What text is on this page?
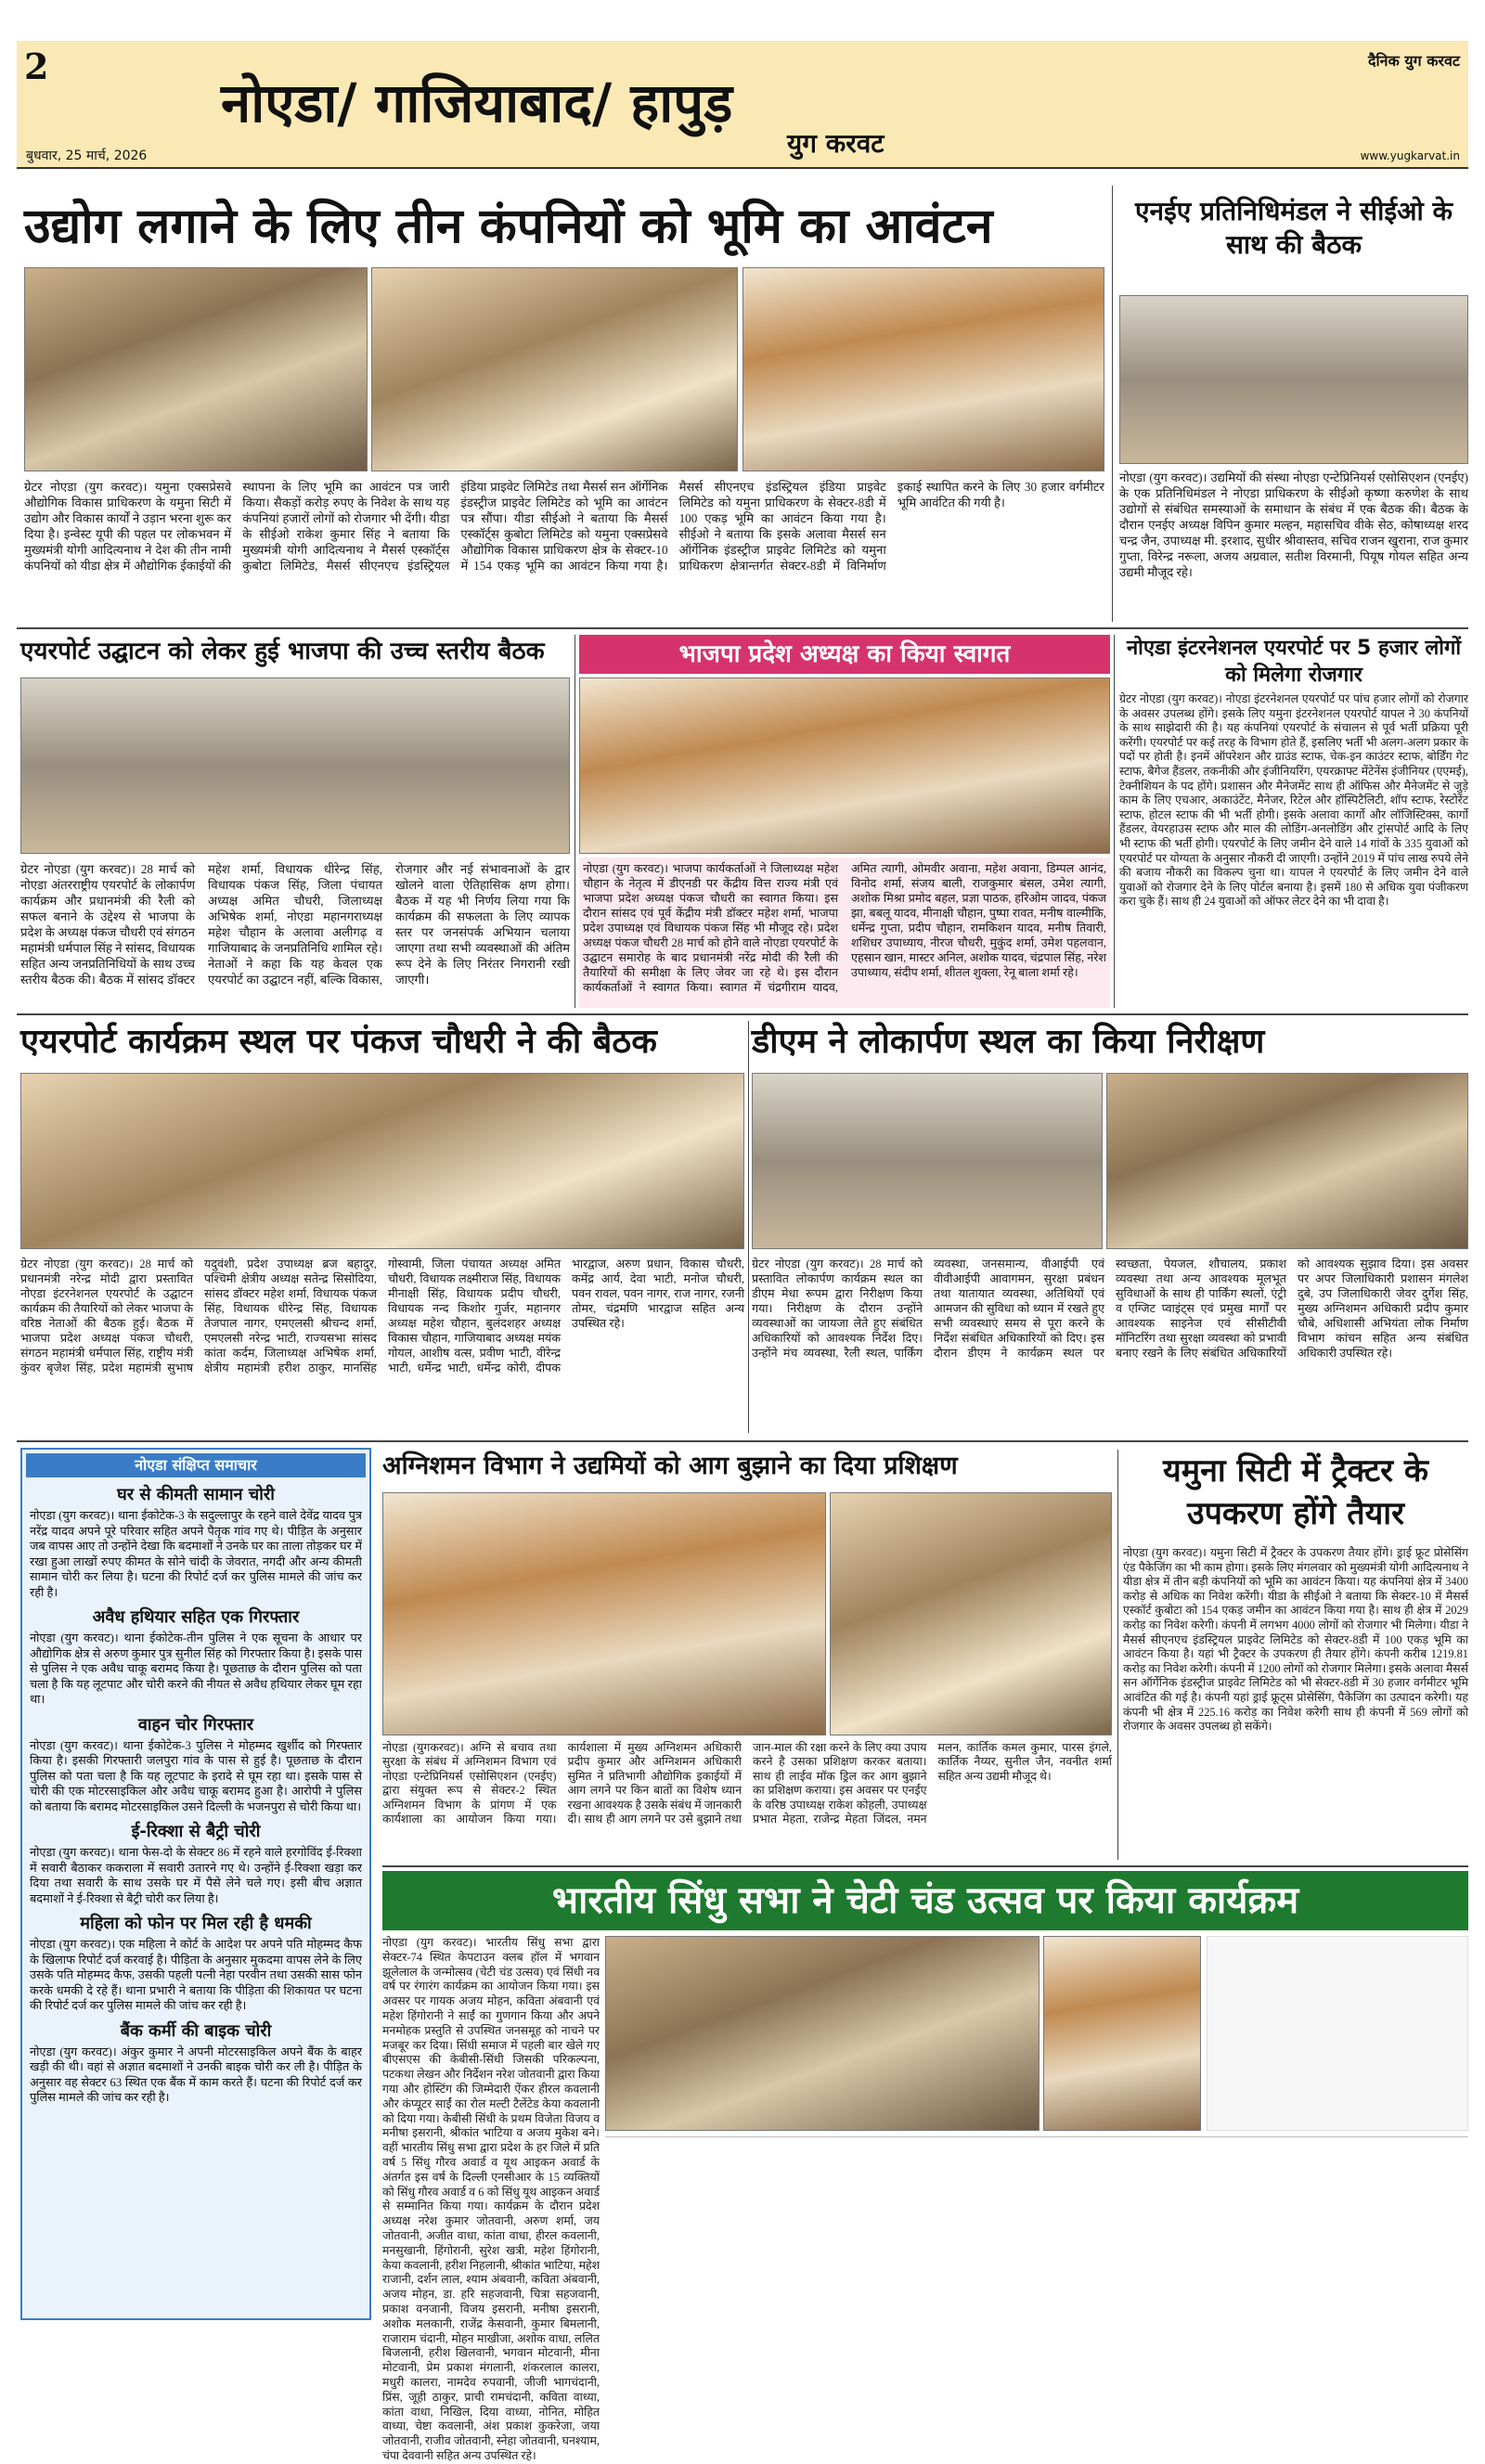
2
नोएडा/ गाजियाबाद/ हापुड़
युग करवट
दैनिक युग करवट
बुधवार, 25 मार्च, 2026	www.yugkarvat.in
उद्योग लगाने के लिए तीन कंपनियों को भूमि का आवंटन
ग्रेटर नोएडा (युग करवट)। यमुना एक्सप्रेसवे औद्योगिक विकास प्राधिकरण के यमुना सिटी में उद्योग और विकास कार्यों ने उड़ान भरना शुरू कर दिया है। इन्वेस्ट यूपी की पहल पर लोकभवन में मुख्यमंत्री योगी आदित्यनाथ ने देश की तीन नामी कंपनियों को यीडा क्षेत्र में औद्योगिक ईकाईयों की स्थापना के लिए भूमि का आवंटन पत्र जारी किया। सैकड़ों करोड़ रुपए के निवेश के साथ यह कंपनियां हजारों लोगों को रोजगार भी देंगी। यीडा के सीईओ राकेश कुमार सिंह ने बताया कि मुख्यमंत्री योगी आदित्यनाथ ने मैसर्स एस्कॉर्ट्स कुबोटा लिमिटेड, मैसर्स सीएनएच इंडस्ट्रियल इंडिया प्राइवेट लिमिटेड तथा मैसर्स सन ऑर्गेनिक इंडस्ट्रीज प्राइवेट लिमिटेड को भूमि का आवंटन पत्र सौंपा। यीडा सीईओ ने बताया कि मैसर्स एस्कॉर्ट्स कुबोटा लिमिटेड को यमुना एक्सप्रेसवे औद्योगिक विकास प्राधिकरण क्षेत्र के सेक्टर-10 में 154 एकड़ भूमि का आवंटन किया गया है। मैसर्स सीएनएच इंडस्ट्रियल इंडिया प्राइवेट लिमिटेड को यमुना प्राधिकरण के सेक्टर-8डी में 100 एकड़ भूमि का आवंटन किया गया है। सीईओ ने बताया कि इसके अलावा मैसर्स सन ऑर्गेनिक इंडस्ट्रीज प्राइवेट लिमिटेड को यमुना प्राधिकरण क्षेत्रान्तर्गत सेक्टर-8डी में विनिर्माण इकाई स्थापित करने के लिए 30 हजार वर्गमीटर भूमि आवंटित की गयी है।
एनईए प्रतिनिधिमंडल ने सीईओ के साथ की बैठक
नोएडा (युग करवट)। उद्यमियों की संस्था नोएडा एन्टेप्रिनियर्स एसोसिएशन (एनईए) के एक प्रतिनिधिमंडल ने नोएडा प्राधिकरण के सीईओ कृष्णा करुणेश के साथ उद्योगों से संबंधित समस्याओं के समाधान के संबंध में एक बैठक की। बैठक के दौरान एनईए अध्यक्ष विपिन कुमार मल्हन, महासचिव वीके सेठ, कोषाध्यक्ष शरद चन्द्र जैन, उपाध्यक्ष मी. इरशाद, सुधीर श्रीवास्तव, सचिव राजन खुराना, राज कुमार गुप्ता, विरेन्द्र नरूला, अजय अग्रवाल, सतीश विरमानी, पियूष गोयल सहित अन्य उद्यमी मौजूद रहे।
एयरपोर्ट उद्घाटन को लेकर हुई भाजपा की उच्च स्तरीय बैठक
ग्रेटर नोएडा (युग करवट)। 28 मार्च को नोएडा अंतरराष्ट्रीय एयरपोर्ट के लोकार्पण कार्यक्रम और प्रधानमंत्री की रैली को सफल बनाने के उद्देश्य से भाजपा के प्रदेश के अध्यक्ष पंकज चौधरी एवं संगठन महामंत्री धर्मपाल सिंह ने सांसद, विधायक सहित अन्य जनप्रतिनिधियों के साथ उच्च स्तरीय बैठक की। बैठक में सांसद डॉक्टर महेश शर्मा, विधायक धीरेन्द्र सिंह, विधायक पंकज सिंह, जिला पंचायत अध्यक्ष अमित चौधरी, जिलाध्यक्ष अभिषेक शर्मा, नोएडा महानगराध्यक्ष महेश चौहान के अलावा अलीगढ़ व गाजियाबाद के जनप्रतिनिधि शामिल रहे। नेताओं ने कहा कि यह केवल एक एयरपोर्ट का उद्घाटन नहीं, बल्कि विकास, रोजगार और नई संभावनाओं के द्वार खोलने वाला ऐतिहासिक क्षण होगा। बैठक में यह भी निर्णय लिया गया कि कार्यक्रम की सफलता के लिए व्यापक स्तर पर जनसंपर्क अभियान चलाया जाएगा तथा सभी व्यवस्थाओं की अंतिम रूप देने के लिए निरंतर निगरानी रखी जाएगी।
भाजपा प्रदेश अध्यक्ष का किया स्वागत
नोएडा (युग करवट)। भाजपा कार्यकर्ताओं ने जिलाध्यक्ष महेश चौहान के नेतृत्व में डीएनडी पर केंद्रीय वित्त राज्य मंत्री एवं भाजपा प्रदेश अध्यक्ष पंकज चौधरी का स्वागत किया। इस दौरान सांसद एवं पूर्व केंद्रीय मंत्री डॉक्टर महेश शर्मा, भाजपा प्रदेश उपाध्यक्ष एवं विधायक पंकज सिंह भी मौजूद रहे। प्रदेश अध्यक्ष पंकज चौधरी 28 मार्च को होने वाले नोएडा एयरपोर्ट के उद्घाटन समारोह के बाद प्रधानमंत्री नरेंद्र मोदी की रैली की तैयारियों की समीक्षा के लिए जेवर जा रहे थे। इस दौरान कार्यकर्ताओं ने स्वागत किया। स्वागत में चंद्रगीराम यादव, अमित त्यागी, ओमवीर अवाना, महेश अवाना, डिम्पल आनंद, विनोद शर्मा, संजय बाली, राजकुमार बंसल, उमेश त्यागी, अशोक मिश्रा प्रमोद बहल, प्रज्ञा पाठक, हरिओम जादव, पंकज झा, बबलू यादव, मीनाक्षी चौहान, पुष्पा रावत, मनीष वाल्मीकि, धर्मेन्द्र गुप्ता, प्रदीप चौहान, रामकिशन यादव, मनीष तिवारी, शशिधर उपाध्याय, नीरज चौधरी, मुकुंद शर्मा, उमेश पहलवान, एहसान खान, मास्टर अनिल, अशोक यादव, चंद्रपाल सिंह, नरेश उपाध्याय, संदीप शर्मा, शीतल शुक्ला, रेनू बाला शर्मा रहे।
नोएडा इंटरनेशनल एयरपोर्ट पर 5 हजार लोगों को मिलेगा रोजगार
ग्रेटर नोएडा (युग करवट)। नोएडा इंटरनेशनल एयरपोर्ट पर पांच हजार लोगों को रोजगार के अवसर उपलब्ध होंगे। इसके लिए यमुना इंटरनेशनल एयरपोर्ट यापल ने 30 कंपनियों के साथ साझेदारी की है। यह कंपनियां एयरपोर्ट के संचालन से पूर्व भर्ती प्रक्रिया पूरी करेंगी। एयरपोर्ट पर कई तरह के विभाग होते हैं, इसलिए भर्ती भी अलग-अलग प्रकार के पदों पर होती है। इनमें ऑपरेशन और ग्राउंड स्टाफ, चेक-इन काउंटर स्टाफ, बोर्डिंग गेट स्टाफ, बैगेज हैंडलर, तकनीकी और इंजीनियरिंग, एयरक्राफ्ट मेंटेनेंस इंजीनियर (एएमई), टेक्नीशियन के पद होंगे। प्रशासन और मैनेजमेंट साथ ही ऑफिस और मैनेजमेंट से जुड़े काम के लिए एचआर, अकाउंटेंट, मैनेजर, रिटेल और हॉस्पिटैलिटी, शॉप स्टाफ, रेस्टोरेंट स्टाफ, होटल स्टाफ की भी भर्ती होगी। इसके अलावा कार्गो और लॉजिस्टिक्स, कार्गो हैंडलर, वेयरहाउस स्टाफ और माल की लोडिंग-अनलोडिंग और ट्रांसपोर्ट आदि के लिए भी स्टाफ की भर्ती होगी। एयरपोर्ट के लिए जमीन देने वाले 14 गांवों के 335 युवाओं को एयरपोर्ट पर योग्यता के अनुसार नौकरी दी जाएगी। उन्होंने 2019 में पांच लाख रुपये लेने की बजाय नौकरी का विकल्प चुना था। यापल ने एयरपोर्ट के लिए जमीन देने वाले युवाओं को रोजगार देने के लिए पोर्टल बनाया है। इसमें 180 से अधिक युवा पंजीकरण करा चुके हैं। साथ ही 24 युवाओं को ऑफर लेटर देने का भी दावा है।
एयरपोर्ट कार्यक्रम स्थल पर पंकज चौधरी ने की बैठक
ग्रेटर नोएडा (युग करवट)। 28 मार्च को प्रधानमंत्री नरेन्द्र मोदी द्वारा प्रस्तावित नोएडा इंटरनेशनल एयरपोर्ट के उद्घाटन कार्यक्रम की तैयारियों को लेकर भाजपा के वरिष्ठ नेताओं की बैठक हुई। बैठक में भाजपा प्रदेश अध्यक्ष पंकज चौधरी, संगठन महामंत्री धर्मपाल सिंह, राष्ट्रीय मंत्री कुंवर बृजेश सिंह, प्रदेश महामंत्री सुभाष यदुवंशी, प्रदेश उपाध्यक्ष ब्रज बहादुर, पश्चिमी क्षेत्रीय अध्यक्ष सतेन्द्र सिसोदिया, सांसद डॉक्टर महेश शर्मा, विधायक पंकज सिंह, विधायक धीरेन्द्र सिंह, विधायक तेजपाल नागर, एमएलसी श्रीचन्द शर्मा, एमएलसी नरेन्द्र भाटी, राज्यसभा सांसद कांता कर्दम, जिलाध्यक्ष अभिषेक शर्मा, क्षेत्रीय महामंत्री हरीश ठाकुर, मानसिंह गोस्वामी, जिला पंचायत अध्यक्ष अमित चौधरी, विधायक लक्ष्मीराज सिंह, विधायक मीनाक्षी सिंह, विधायक प्रदीप चौधरी, विधायक नन्द किशोर गुर्जर, महानगर अध्यक्ष महेश चौहान, बुलंदशहर अध्यक्ष विकास चौहान, गाजियाबाद अध्यक्ष मयंक गोयल, आशीष वत्स, प्रवीण भाटी, वीरेन्द्र भाटी, धर्मेन्द्र भाटी, धर्मेन्द्र कोरी, दीपक भारद्वाज, अरुण प्रधान, विकास चौधरी, कमेंद्र आर्य, देवा भाटी, मनोज चौधरी, पवन रावल, पवन नागर, राज नागर, रजनी तोमर, चंद्रमणि भारद्वाज सहित अन्य उपस्थित रहे।
डीएम ने लोकार्पण स्थल का किया निरीक्षण
ग्रेटर नोएडा (युग करवट)। 28 मार्च को प्रस्तावित लोकार्पण कार्यक्रम स्थल का डीएम मेधा रूपम द्वारा निरीक्षण किया गया। निरीक्षण के दौरान उन्होंने व्यवस्थाओं का जायजा लेते हुए संबंधित अधिकारियों को आवश्यक निर्देश दिए। उन्होंने मंच व्यवस्था, रैली स्थल, पार्किंग व्यवस्था, जनसमान्य, वीआईपी एवं वीवीआईपी आवागमन, सुरक्षा प्रबंधन तथा यातायात व्यवस्था, अतिथियों एवं आमजन की सुविधा को ध्यान में रखते हुए सभी व्यवस्थाएं समय से पूरा करने के निर्देश संबंधित अधिकारियों को दिए। इस दौरान डीएम ने कार्यक्रम स्थल पर स्वच्छता, पेयजल, शौचालय, प्रकाश व्यवस्था तथा अन्य आवश्यक मूलभूत सुविधाओं के साथ ही पार्किंग स्थलों, एंट्री व एग्जिट प्वाइंट्स एवं प्रमुख मार्गों पर आवश्यक साइनेज एवं सीसीटीवी मॉनिटरिंग तथा सुरक्षा व्यवस्था को प्रभावी बनाए रखने के लिए संबंधित अधिकारियों को आवश्यक सुझाव दिया। इस अवसर पर अपर जिलाधिकारी प्रशासन मंगलेश दुबे, उप जिलाधिकारी जेवर दुर्गेश सिंह, मुख्य अग्निशमन अधिकारी प्रदीप कुमार चौबे, अधिशासी अभियंता लोक निर्माण विभाग कांचन सहित अन्य संबंधित अधिकारी उपस्थित रहे।
नोएडा संक्षिप्त समाचार
घर से कीमती सामान चोरी
नोएडा (युग करवट)। थाना ईकोटेक-3 के सदुल्लापुर के रहने वाले देवेंद्र यादव पुत्र नरेंद्र यादव अपने पूरे परिवार सहित अपने पैतृक गांव गए थे। पीड़ित के अनुसार जब वापस आए तो उन्होंने देखा कि बदमाशों ने उनके घर का ताला तोड़कर घर में रखा हुआ लाखों रुपए कीमत के सोने चांदी के जेवरात, नगदी और अन्य कीमती सामान चोरी कर लिया है। घटना की रिपोर्ट दर्ज कर पुलिस मामले की जांच कर रही है।
अवैध हथियार सहित एक गिरफ्तार
नोएडा (युग करवट)। थाना ईकोटेक-तीन पुलिस ने एक सूचना के आधार पर औद्योगिक क्षेत्र से अरुण कुमार पुत्र सुनील सिंह को गिरफ्तार किया है। इसके पास से पुलिस ने एक अवैध चाकू बरामद किया है। पूछताछ के दौरान पुलिस को पता चला है कि यह लूटपाट और चोरी करने की नीयत से अवैध हथियार लेकर घूम रहा था।
वाहन चोर गिरफ्तार
नोएडा (युग करवट)। थाना ईकोटेक-3 पुलिस ने मोहम्मद खुर्शीद को गिरफ्तार किया है। इसकी गिरफ्तारी जलपुरा गांव के पास से हुई है। पूछताछ के दौरान पुलिस को पता चला है कि यह लूटपाट के इरादे से घूम रहा था। इसके पास से चोरी की एक मोटरसाइकिल और अवैध चाकू बरामद हुआ है। आरोपी ने पुलिस को बताया कि बरामद मोटरसाइकिल उसने दिल्ली के भजनपुरा से चोरी किया था।
ई-रिक्शा से बैट्री चोरी
नोएडा (युग करवट)। थाना फेस-दो के सेक्टर 86 में रहने वाले हरगोविंद ई-रिक्शा में सवारी बैठाकर ककराला में सवारी उतारने गए थे। उन्होंने ई-रिक्शा खड़ा कर दिया तथा सवारी के साथ उसके घर में पैसे लेने चले गए। इसी बीच अज्ञात बदमाशों ने ई-रिक्शा से बैट्री चोरी कर लिया है।
महिला को फोन पर मिल रही है धमकी
नोएडा (युग करवट)। एक महिला ने कोर्ट के आदेश पर अपने पति मोहम्मद कैफ के खिलाफ रिपोर्ट दर्ज करवाई है। पीड़िता के अनुसार मुकदमा वापस लेने के लिए उसके पति मोहम्मद कैफ, उसकी पहली पत्नी नेहा परवीन तथा उसकी सास फोन करके धमकी दे रहे हैं। थाना प्रभारी ने बताया कि पीड़िता की शिकायत पर घटना की रिपोर्ट दर्ज कर पुलिस मामले की जांच कर रही है।
बैंक कर्मी की बाइक चोरी
नोएडा (युग करवट)। अंकुर कुमार ने अपनी मोटरसाइकिल अपने बैंक के बाहर खड़ी की थी। वहां से अज्ञात बदमाशों ने उनकी बाइक चोरी कर ली है। पीड़ित के अनुसार वह सेक्टर 63 स्थित एक बैंक में काम करते हैं। घटना की रिपोर्ट दर्ज कर पुलिस मामले की जांच कर रही है।
अग्निशमन विभाग ने उद्यमियों को आग बुझाने का दिया प्रशिक्षण
नोएडा (युगकरवट)। अग्नि से बचाव तथा सुरक्षा के संबंध में अग्निशमन विभाग एवं नोएडा एन्टेप्रिनियर्स एसोसिएशन (एनईए) द्वारा संयुक्त रूप से सेक्टर-2 स्थित अग्निशमन विभाग के प्रांगण में एक कार्यशाला का आयोजन किया गया। कार्यशाला में मुख्य अग्निशमन अधिकारी प्रदीप कुमार और अग्निशमन अधिकारी सुमित ने प्रतिभागी औद्योगिक इकाईयों में आग लगने पर किन बातों का विशेष ध्यान रखना आवश्यक है उसके संबंध में जानकारी दी। साथ ही आग लगने पर उसे बुझाने तथा जान-माल की रक्षा करने के लिए क्या उपाय करने है उसका प्रशिक्षण करकर बताया। साथ ही लाईव मॉक ड्रिल कर आग बुझाने का प्रशिक्षण कराया। इस अवसर पर एनईए के वरिष्ठ उपाध्यक्ष राकेश कोहली, उपाध्यक्ष प्रभात मेहता, राजेन्द्र मेहता जिंदल, नमन मलन, कार्तिक कमल कुमार, पारस इंगले, कार्तिक नैय्यर, सुनील जैन, नवनीत शर्मा सहित अन्य उद्यमी मौजूद थे।
यमुना सिटी में ट्रैक्टर के उपकरण होंगे तैयार
नोएडा (युग करवट)। यमुना सिटी में ट्रैक्टर के उपकरण तैयार होंगे। ड्राई फ्रूट प्रोसेसिंग एंड पैकेजिंग का भी काम होगा। इसके लिए मंगलवार को मुख्यमंत्री योगी आदित्यनाथ ने यीडा क्षेत्र में तीन बड़ी कंपनियों को भूमि का आवंटन किया। यह कंपनियां क्षेत्र में 3400 करोड़ से अधिक का निवेश करेंगी। यीडा के सीईओ ने बताया कि सेक्टर-10 में मैसर्स एस्कॉर्ट कुबोटा को 154 एकड़ जमीन का आवंटन किया गया है। साथ ही क्षेत्र में 2029 करोड़ का निवेश करेगी। कंपनी में लगभग 4000 लोगों को रोजगार भी मिलेगा। यीडा ने मैसर्स सीएनएच इंडस्ट्रियल प्राइवेट लिमिटेड को सेक्टर-8डी में 100 एकड़ भूमि का आवंटन किया है। यहां भी ट्रैक्टर के उपकरण ही तैयार होंगे। कंपनी करीब 1219.81 करोड़ का निवेश करेगी। कंपनी में 1200 लोगों को रोजगार मिलेगा। इसके अलावा मैसर्स सन ऑर्गेनिक इंडस्ट्रीज प्राइवेट लिमिटेड को भी सेक्टर-8डी में 30 हजार वर्गमीटर भूमि आवंटित की गई है। कंपनी यहां ड्राई फ्रूट्स प्रोसेसिंग, पैकेजिंग का उत्पादन करेगी। यह कंपनी भी क्षेत्र में 225.16 करोड़ का निवेश करेगी साथ ही कंपनी में 569 लोगों को रोजगार के अवसर उपलब्ध हो सकेंगे।
भारतीय सिंधु सभा ने चेटी चंड उत्सव पर किया कार्यक्रम
नोएडा (युग करवट)। भारतीय सिंधु सभा द्वारा सेक्टर-74 स्थित केपटाउन क्लब हॉल में भगवान झूलेलाल के जन्मोत्सव (चेटी चंड उत्सव) एवं सिंधी नव वर्ष पर रंगारंग कार्यक्रम का आयोजन किया गया। इस अवसर पर गायक अजय मोहन, कविता अंबवानी एवं महेश हिंगोरानी ने साईं का गुणगान किया और अपने मनमोहक प्रस्तुति से उपस्थित जनसमूह को नाचने पर मजबूर कर दिया। सिंधी समाज में पहली बार खेले गए बीएसएस की केबीसी-सिंधी जिसकी परिकल्पना, पटकथा लेखन और निर्देशन नरेश जोतवानी द्वारा किया गया और होस्टिंग की जिम्मेदारी ऐंकर हीरल कवलानी और कंप्यूटर साईं का रोल मल्टी टैलेंटेड केया कवलानी को दिया गया। केबीसी सिंधी के प्रथम विजेता विजय व मनीषा इसरानी, श्रीकांत भाटिया व अजय मुकेश बने। वहीं भारतीय सिंधु सभा द्वारा प्रदेश के हर जिले में प्रति वर्ष 5 सिंधु गौरव अवार्ड व यूथ आइकन अवार्ड के अंतर्गत इस वर्ष के दिल्ली एनसीआर के 15 व्यक्तियों को सिंधु गौरव अवार्ड व 6 को सिंधु यूथ आइकन अवार्ड से सम्मानित किया गया। कार्यक्रम के दौरान प्रदेश अध्यक्ष नरेश कुमार जोतवानी, अरुण शर्मा, जय जोतवानी, अजीत वाधा, कांता वाधा, हीरल कवलानी, मनसुखानी, हिंगोरानी, सुरेश खत्री, महेश हिंगोरानी, केया कवलानी, हरीश निहलानी, श्रीकांत भाटिया, महेश राजानी, दर्शन लाल, श्याम अंबवानी, कविता अंबवानी, अजय मोहन, डा. हरि सहजवानी, चित्रा सहजवानी, प्रकाश वनजानी, विजय इसरानी, मनीषा इसरानी, अशोक मलकानी, राजेंद्र केसवानी, कुमार बिमलानी, राजाराम चंदानी, मोहन माखीजा, अशोक वाधा, ललित बिजलानी, हरीश खिलवानी, भगवान मोटवानी, मीना मोटवानी, प्रेम प्रकाश मंगलानी, शंकरलाल कालरा, मधुरी कालरा, नामदेव रुपवानी, जीजी भागचंदानी, प्रिंस, जूही ठाकुर, प्राची रामचंदानी, कविता वाध्या, कांता वाधा, निखिल, दिया वाध्या, नोनित, मोहित वाध्या, चेष्टा कवलानी, अंश प्रकाश कुकरेजा, जया जोतवानी, राजीव जोतवानी, स्नेहा जोतवानी, घनश्याम, चंपा देववानी सहित अन्य उपस्थित रहे।
